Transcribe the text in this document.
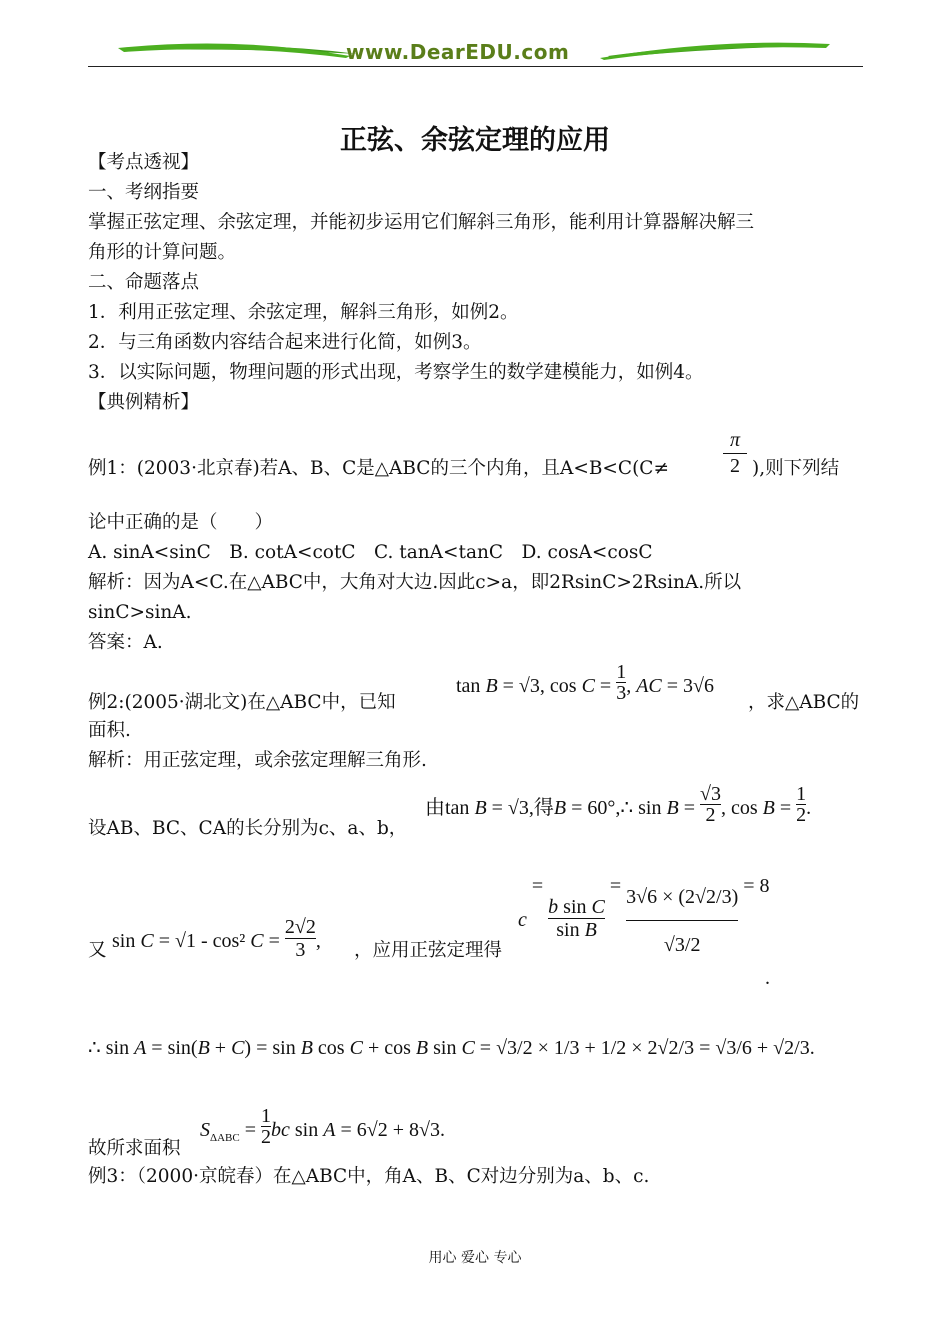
www.DearEDU.com
正弦、余弦定理的应用
【考点透视】
一、考纲指要
掌握正弦定理、余弦定理，并能初步运用它们解斜三角形，能利用计算器解决解三
角形的计算问题。
二、命题落点
1．利用正弦定理、余弦定理，解斜三角形，如例2。
2．与三角函数内容结合起来进行化简，如例3。
3．以实际问题，物理问题的形式出现，考察学生的数学建模能力，如例4。
【典例精析】
例1：(2003·北京春)若A、B、C是△ABC的三个内角，且A<B<C(C≠
π
2 ),则下列结
论中正确的是（　　）
A. sinA<sinC　B. cotA<cotC　C. tanA<tanC　D. cosA<cosC
解析：因为A<C.在△ABC中，大角对大边.因此c>a，即2RsinC>2RsinA.所以
sinC>sinA.
答案：A.
tan B = √3, $\cos C = \frac{1}{3}$ , AC = 3√6
例2:(2005·湖北文)在△ABC中，已知	，求△ABC的
面积.
解析：用正弦定理，或余弦定理解三角形.
由tan B = √3,得B = 60°,∴ $\sin B = \frac{√3}{2}$ , $\cos B = \frac{1}{2}$ .
设AB、BC、CA的长分别为c、a、b，
又 sin C = √1 - cos² $C = \frac{2√2}{3}$ , ，应用正弦定理得
c =
$\frac{\text{b sin C}}{\text{sin B}}$
= $\frac{3√6 \times (2√2/3)}{√3/2} = 8$
.
∴ sin A = sin(B + C) = sin B cos C + cos B sin C = √3/2 × 1/3 + 1/2 × 2√2/3 = √3/6 + √2/3.
$S_{\Delta ABC} = \frac{1}{2}$ bc sin A = 6√2 + 8√3.
故所求面积
例3：（2000·京皖春）在△ABC中，角A、B、C对边分别为a、b、c.
用心 爱心 专心
